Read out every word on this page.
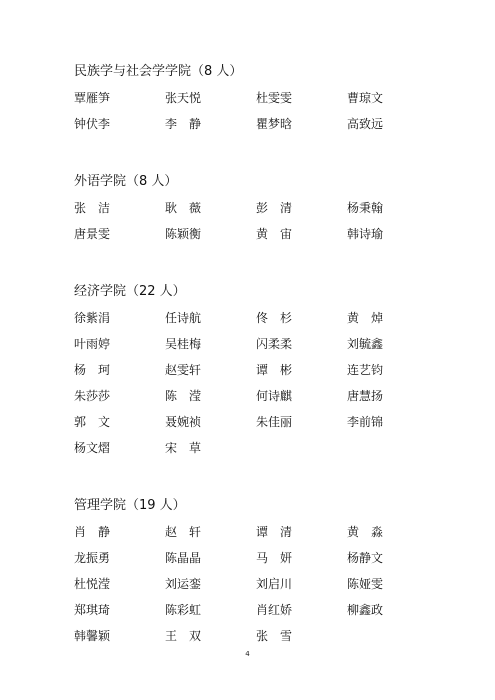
民族学与社会学学院（8 人）
覃雁笋	张天悦	杜雯雯	曹琼文
钟伏李	李　静	瞿梦晗	高致远
外语学院（8 人）
张　洁	耿　薇	彭　清	杨秉翰
唐景雯	陈颖衡	黄　宙	韩诗瑜
经济学院（22 人）
徐紫涓	任诗航	佟　杉	黄　焯
叶雨婷	吴桂梅	闪柔柔	刘毓鑫
杨　珂	赵雯轩	谭　彬	连艺钧
朱莎莎	陈　滢	何诗麒	唐慧扬
郭　文	聂婉祯	朱佳丽	李前锦
杨文熠	宋　草
管理学院（19 人）
肖　静	赵　轩	谭　清	黄　淼
龙振勇	陈晶晶	马　妍	杨静文
杜悦滢	刘运銮	刘启川	陈娅雯
郑琪琦	陈彩虹	肖红娇	柳鑫政
韩馨颖	王　双	张　雪
4
